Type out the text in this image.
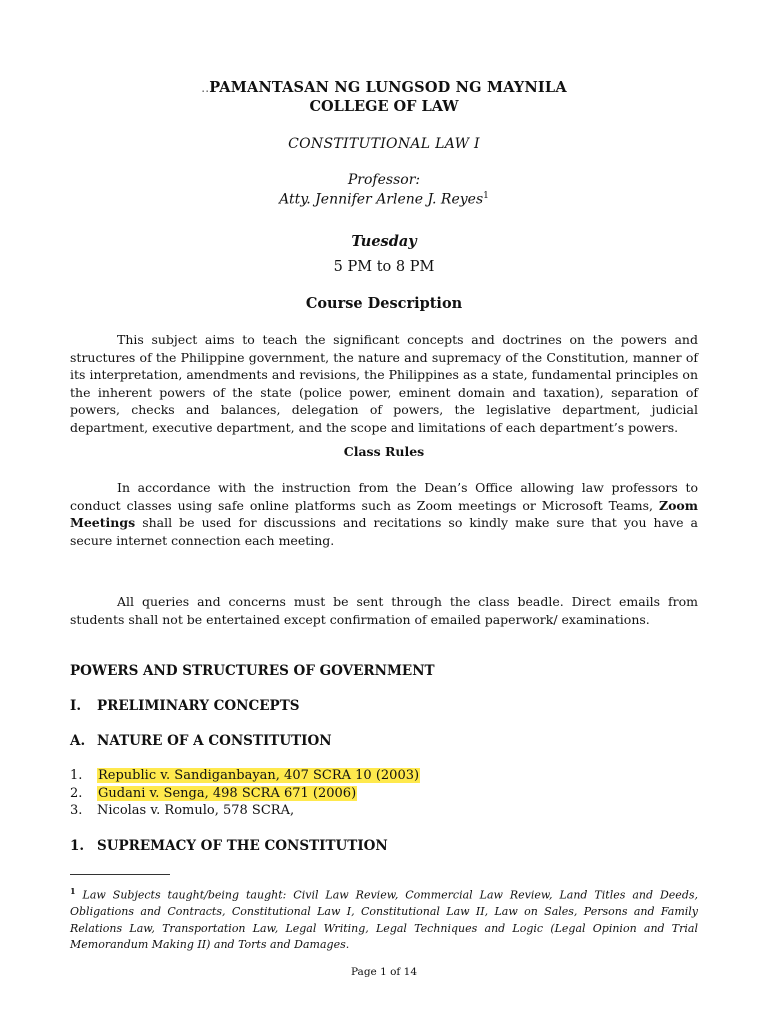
..PAMANTASAN NG LUNGSOD NG MAYNILA
COLLEGE OF LAW
CONSTITUTIONAL LAW I
Professor:
Atty. Jennifer Arlene J. Reyes$^1$
Tuesday
5 PM to 8 PM
Course Description
This subject aims to teach the significant concepts and doctrines on the powers and structures of the Philippine government, the nature and supremacy of the Constitution, manner of its interpretation, amendments and revisions, the Philippines as a state, fundamental principles on the inherent powers of the state (police power, eminent domain and taxation), separation of powers, checks and balances, delegation of powers, the legislative department, judicial department, executive department, and the scope and limitations of each department’s powers.
Class Rules
In accordance with the instruction from the Dean’s Office allowing law professors to conduct classes using safe online platforms such as Zoom meetings or Microsoft Teams, Zoom Meetings shall be used for discussions and recitations so kindly make sure that you have a secure internet connection each meeting.
All queries and concerns must be sent through the class beadle. Direct emails from students shall not be entertained except confirmation of emailed paperwork/ examinations.
POWERS AND STRUCTURES OF GOVERNMENT
I. PRELIMINARY CONCEPTS
A. NATURE OF A CONSTITUTION
1. Republic v. Sandiganbayan, 407 SCRA 10 (2003)
2. Gudani v. Senga, 498 SCRA 671 (2006)
3. Nicolas v. Romulo, 578 SCRA,
1. SUPREMACY OF THE CONSTITUTION
$^1$ Law Subjects taught/being taught: Civil Law Review, Commercial Law Review, Land Titles and Deeds, Obligations and Contracts, Constitutional Law I, Constitutional Law II, Law on Sales, Persons and Family Relations Law, Transportation Law, Legal Writing, Legal Techniques and Logic (Legal Opinion and Trial Memorandum Making II) and Torts and Damages.
Page 1 of 14
